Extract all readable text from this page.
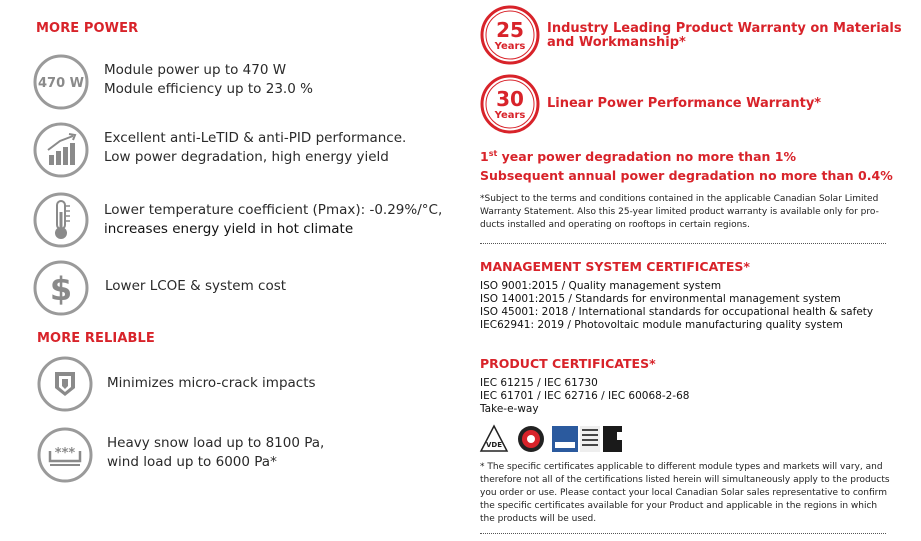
MORE POWER
470 W
Module power up to 470 W
Module efficiency up to 23.0 %
Excellent anti-LeTID & anti-PID performance.
Low power degradation, high energy yield
Lower temperature coefficient (Pmax): -0.29%/°C,
increases energy yield in hot climate
$ Lower LCOE & system cost
MORE RELIABLE
Minimizes micro-crack impacts
***
Heavy snow load up to 8100 Pa,
wind load up to 6000 Pa*
25
Years
Industry Leading Product Warranty on Materials
and Workmanship*
30
Years
Linear Power Performance Warranty*
1st year power degradation no more than 1%
Subsequent annual power degradation no more than 0.4%
*Subject to the terms and conditions contained in the applicable Canadian Solar Limited
Warranty Statement. Also this 25-year limited product warranty is available only for pro-
ducts installed and operating on rooftops in certain regions.
MANAGEMENT SYSTEM CERTIFICATES*
ISO 9001:2015 / Quality management system
ISO 14001:2015 / Standards for environmental management system
ISO 45001: 2018 / International standards for occupational health & safety
IEC62941: 2019 / Photovoltaic module manufacturing quality system
PRODUCT CERTIFICATES*
IEC 61215 / IEC 61730
IEC 61701 / IEC 62716 / IEC 60068-2-68
Take-e-way
VDE
* The specific certificates applicable to different module types and markets will vary, and
therefore not all of the certifications listed herein will simultaneously apply to the products
you order or use. Please contact your local Canadian Solar sales representative to confirm
the specific certificates available for your Product and applicable in the regions in which
the products will be used.
